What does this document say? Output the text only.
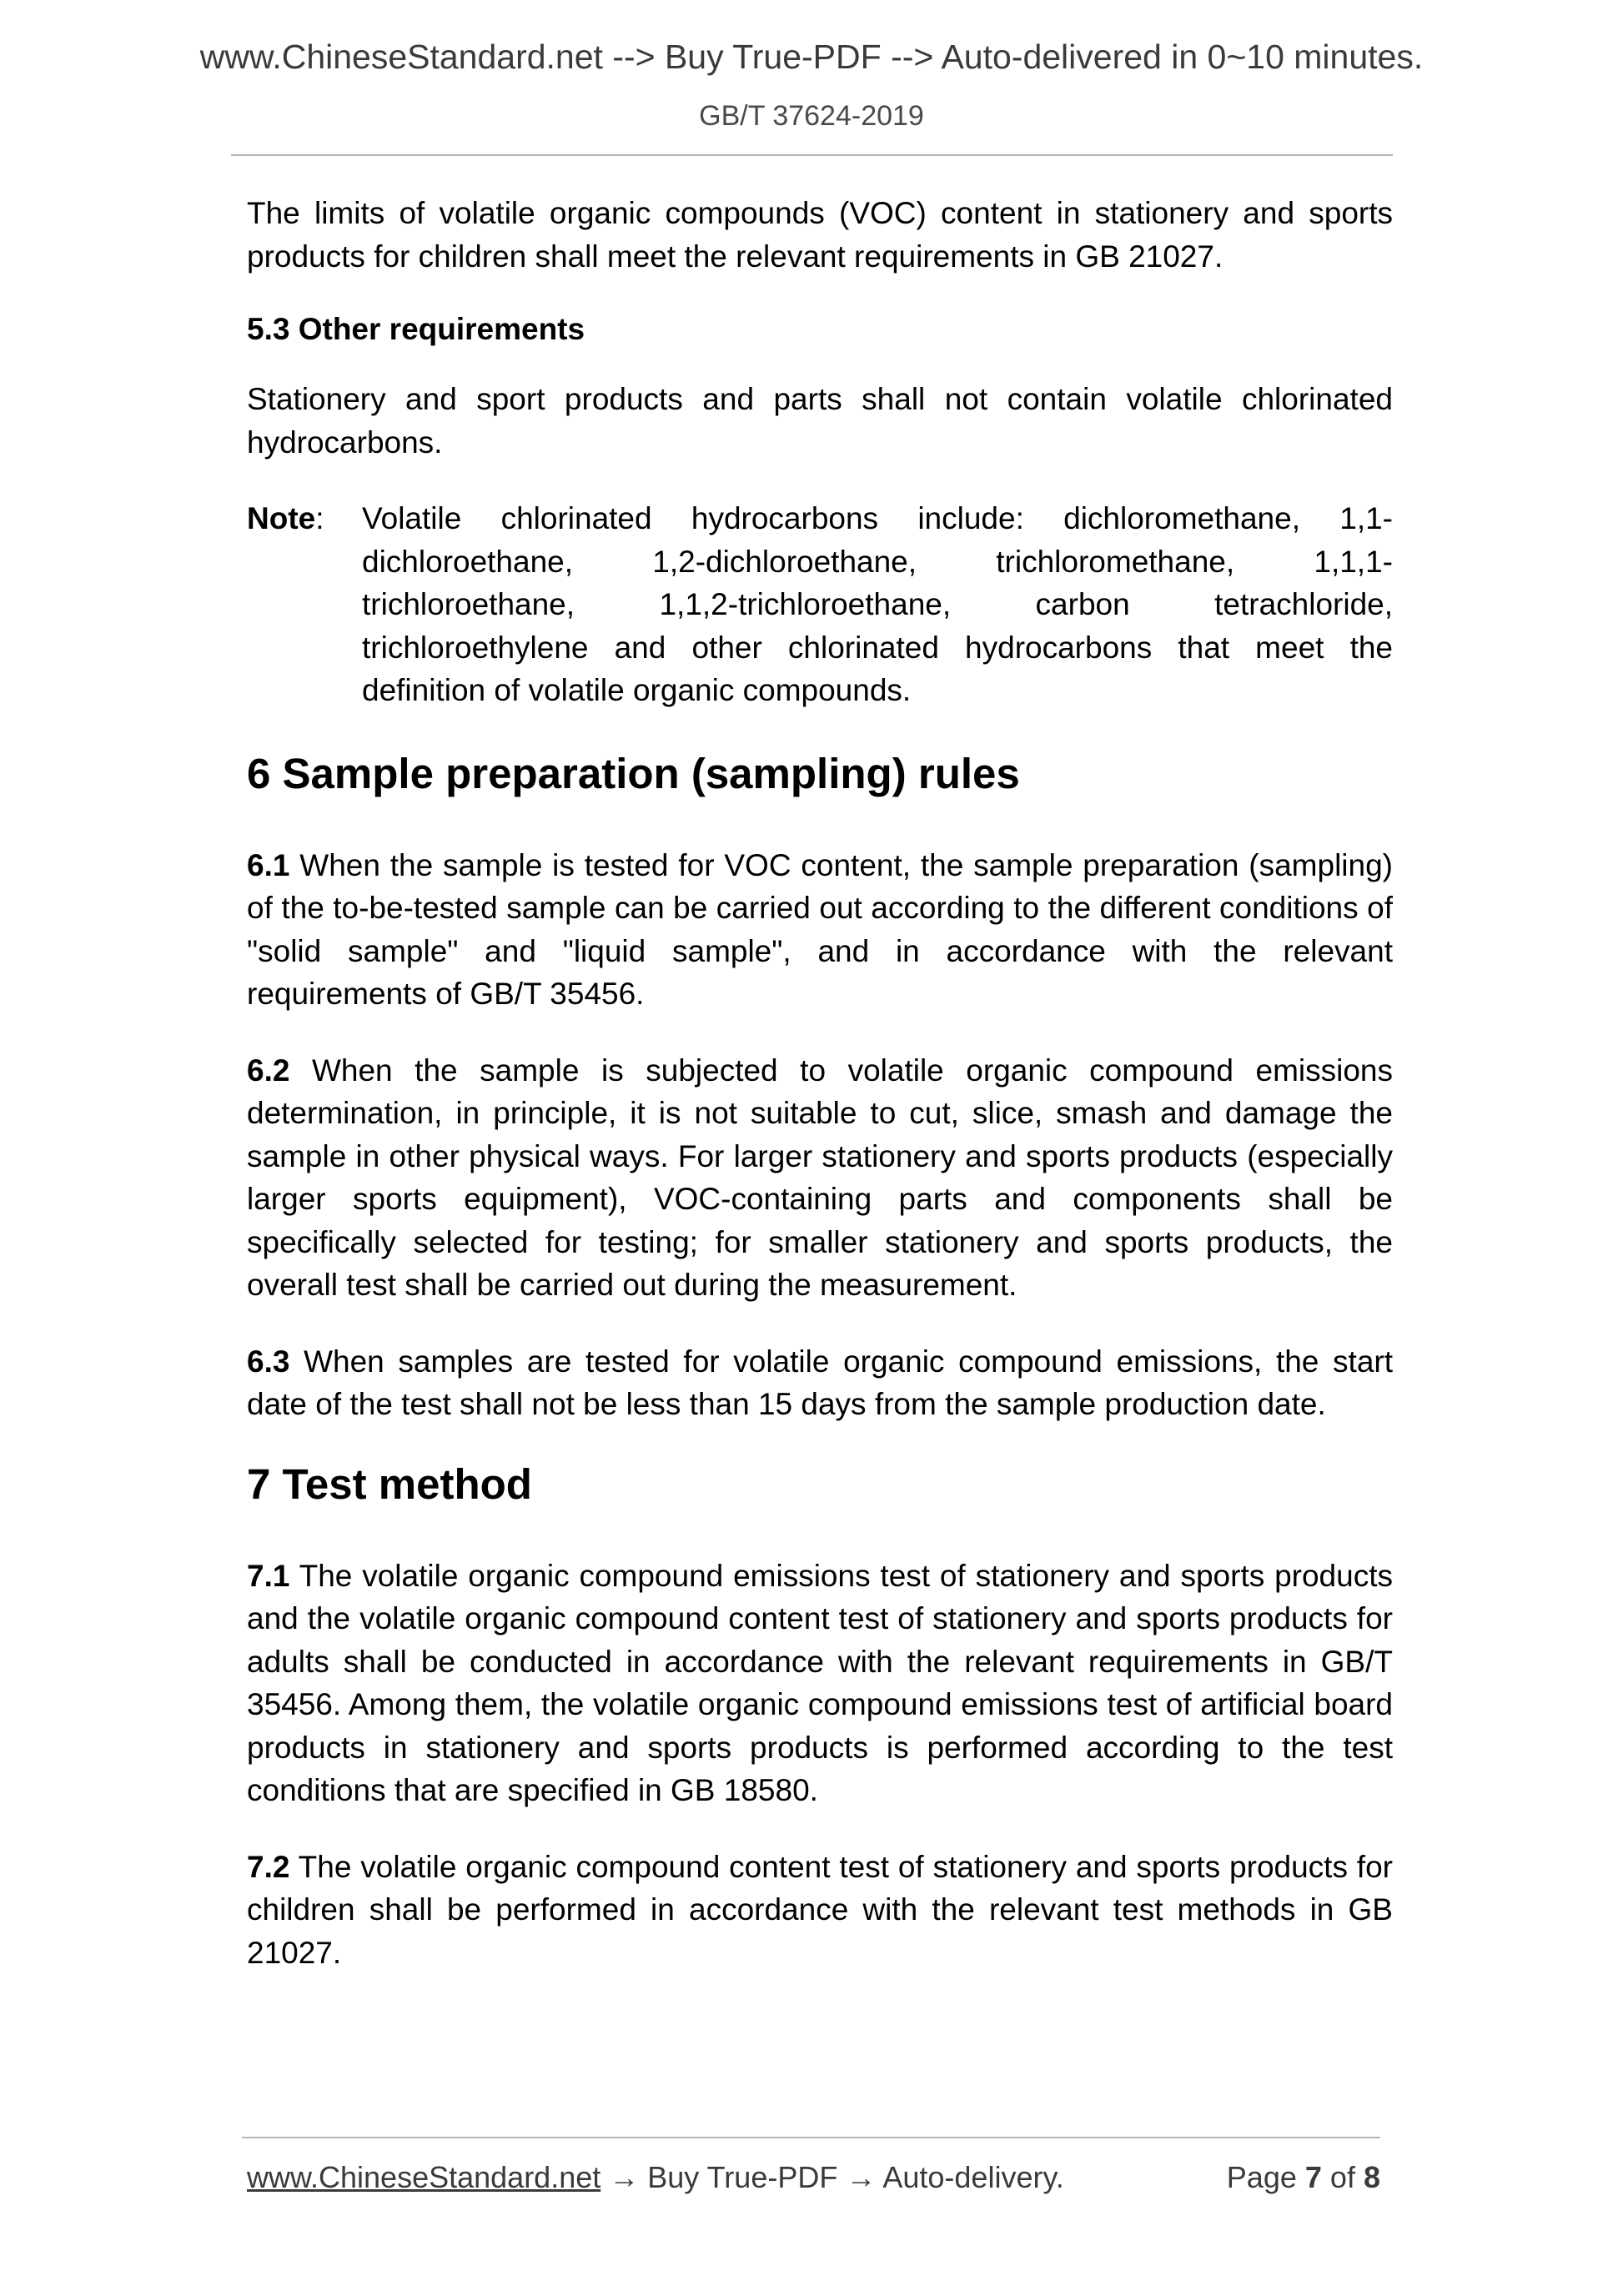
www.ChineseStandard.net --> Buy True-PDF --> Auto-delivered in 0~10 minutes.
GB/T 37624-2019

The limits of volatile organic compounds (VOC) content in stationery and sports products for children shall meet the relevant requirements in GB 21027.

5.3 Other requirements

Stationery and sport products and parts shall not contain volatile chlorinated hydrocarbons.

Note:	Volatile chlorinated hydrocarbons include: dichloromethane, 1,1-dichloroethane, 1,2-dichloroethane, trichloromethane, 1,1,1-trichloroethane, 1,1,2-trichloroethane, carbon tetrachloride, trichloroethylene and other chlorinated hydrocarbons that meet the definition of volatile organic compounds.
6 Sample preparation (sampling) rules

6.1 When the sample is tested for VOC content, the sample preparation (sampling) of the to-be-tested sample can be carried out according to the different conditions of "solid sample" and "liquid sample", and in accordance with the relevant requirements of GB/T 35456.

6.2 When the sample is subjected to volatile organic compound emissions determination, in principle, it is not suitable to cut, slice, smash and damage the sample in other physical ways. For larger stationery and sports products (especially larger sports equipment), VOC-containing parts and components shall be specifically selected for testing; for smaller stationery and sports products, the overall test shall be carried out during the measurement.

6.3 When samples are tested for volatile organic compound emissions, the start date of the test shall not be less than 15 days from the sample production date.

7 Test method

7.1 The volatile organic compound emissions test of stationery and sports products and the volatile organic compound content test of stationery and sports products for adults shall be conducted in accordance with the relevant requirements in GB/T 35456. Among them, the volatile organic compound emissions test of artificial board products in stationery and sports products is performed according to the test conditions that are specified in GB 18580.

7.2 The volatile organic compound content test of stationery and sports products for children shall be performed in accordance with the relevant test methods in GB 21027.

www.ChineseStandard.net → Buy True-PDF → Auto-delivery.	Page 7 of 8
